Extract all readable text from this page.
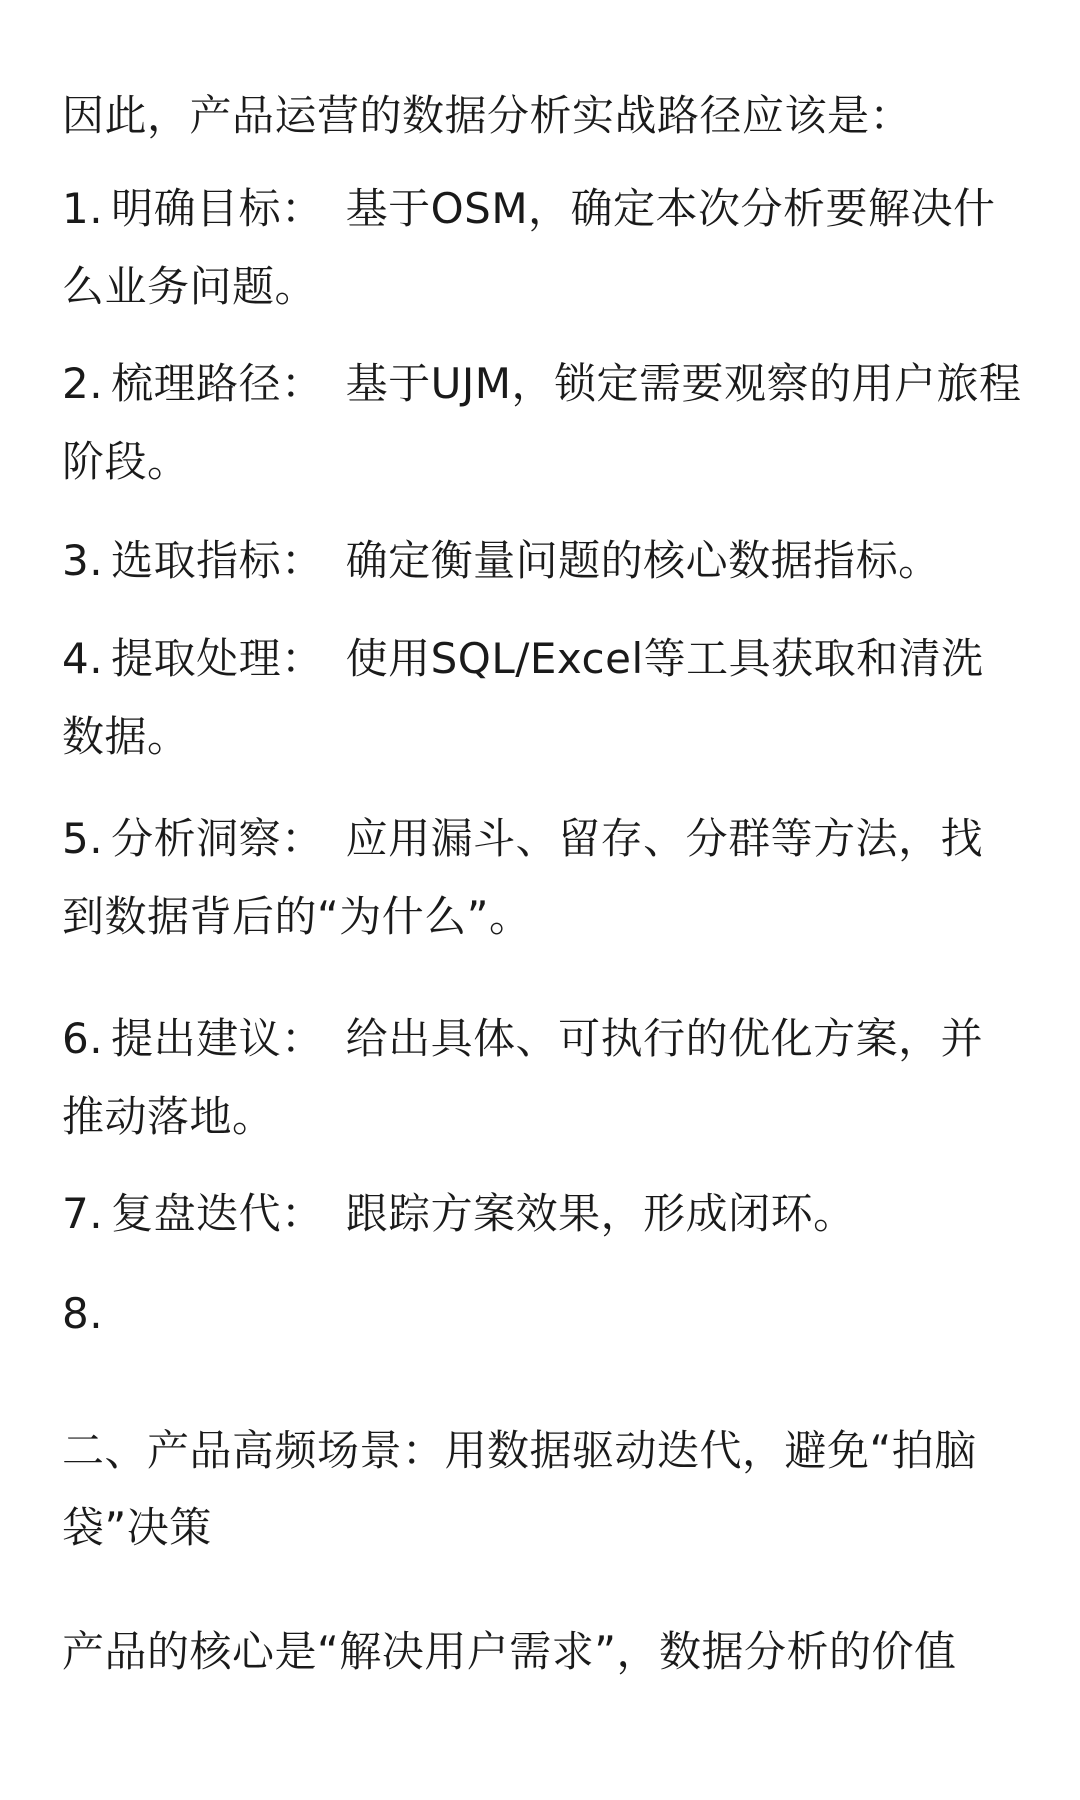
因此，产品运营的数据分析实战路径应该是：
1. 明确目标： 基于OSM，确定本次分析要解决什么业务问题。
2. 梳理路径： 基于UJM，锁定需要观察的用户旅程阶段。
3. 选取指标： 确定衡量问题的核心数据指标。
4. 提取处理： 使用SQL/Excel等工具获取和清洗数据。
5. 分析洞察： 应用漏斗、留存、分群等方法，找到数据背后的“为什么”。
6. 提出建议： 给出具体、可执行的优化方案，并推动落地。
7. 复盘迭代： 跟踪方案效果，形成闭环。
8.
二、产品高频场景：用数据驱动迭代，避免“拍脑
袋”决策
产品的核心是“解决用户需求”，数据分析的价值
